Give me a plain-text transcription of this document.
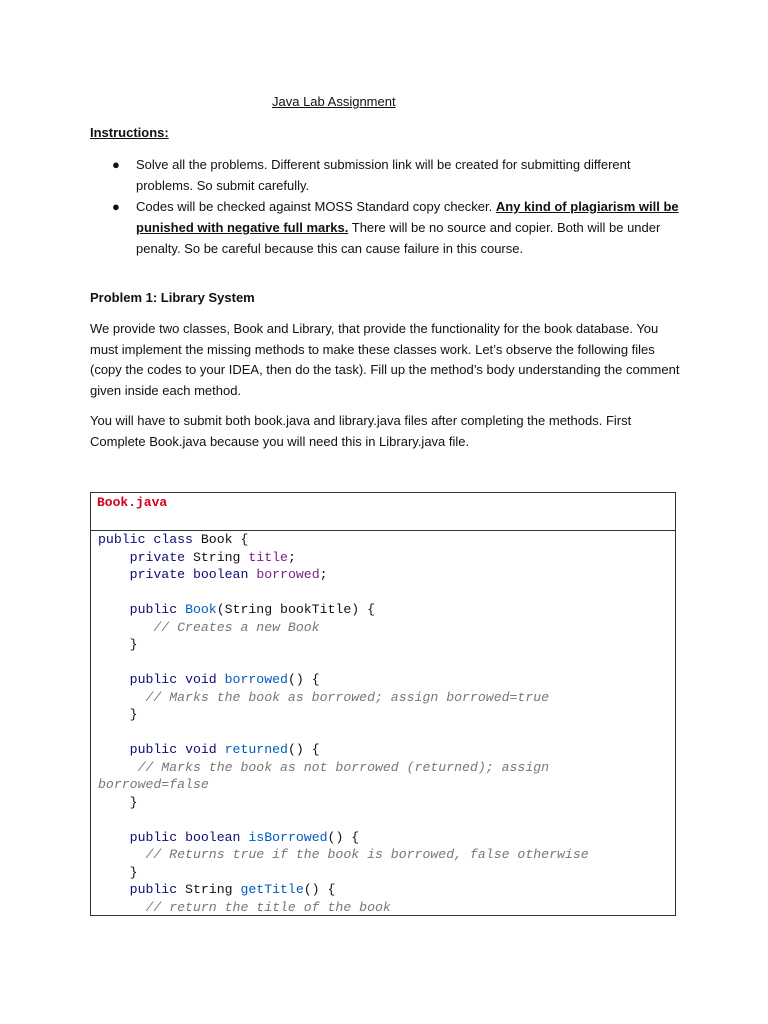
Java Lab Assignment
Instructions:
● Solve all the problems. Different submission link will be created for submitting different problems. So submit carefully.
● Codes will be checked against MOSS Standard copy checker. Any kind of plagiarism will be punished with negative full marks. There will be no source and copier. Both will be under penalty. So be careful because this can cause failure in this course.
Problem 1: Library System
We provide two classes, Book and Library, that provide the functionality for the book database. You must implement the missing methods to make these classes work. Let’s observe the following files (copy the codes to your IDEA, then do the task). Fill up the method’s body understanding the comment given inside each method.
You will have to submit both book.java and library.java files after completing the methods. First Complete Book.java because you will need this in Library.java file.
Book.java
public class Book {
private String title;
private boolean borrowed;
public Book(String bookTitle) {
// Creates a new Book
}
public void borrowed() {
// Marks the book as borrowed; assign borrowed=true
}
public void returned() {
// Marks the book as not borrowed (returned); assign
borrowed=false
}
public boolean isBorrowed() {
// Returns true if the book is borrowed, false otherwise
}
public String getTitle() {
// return the title of the book
